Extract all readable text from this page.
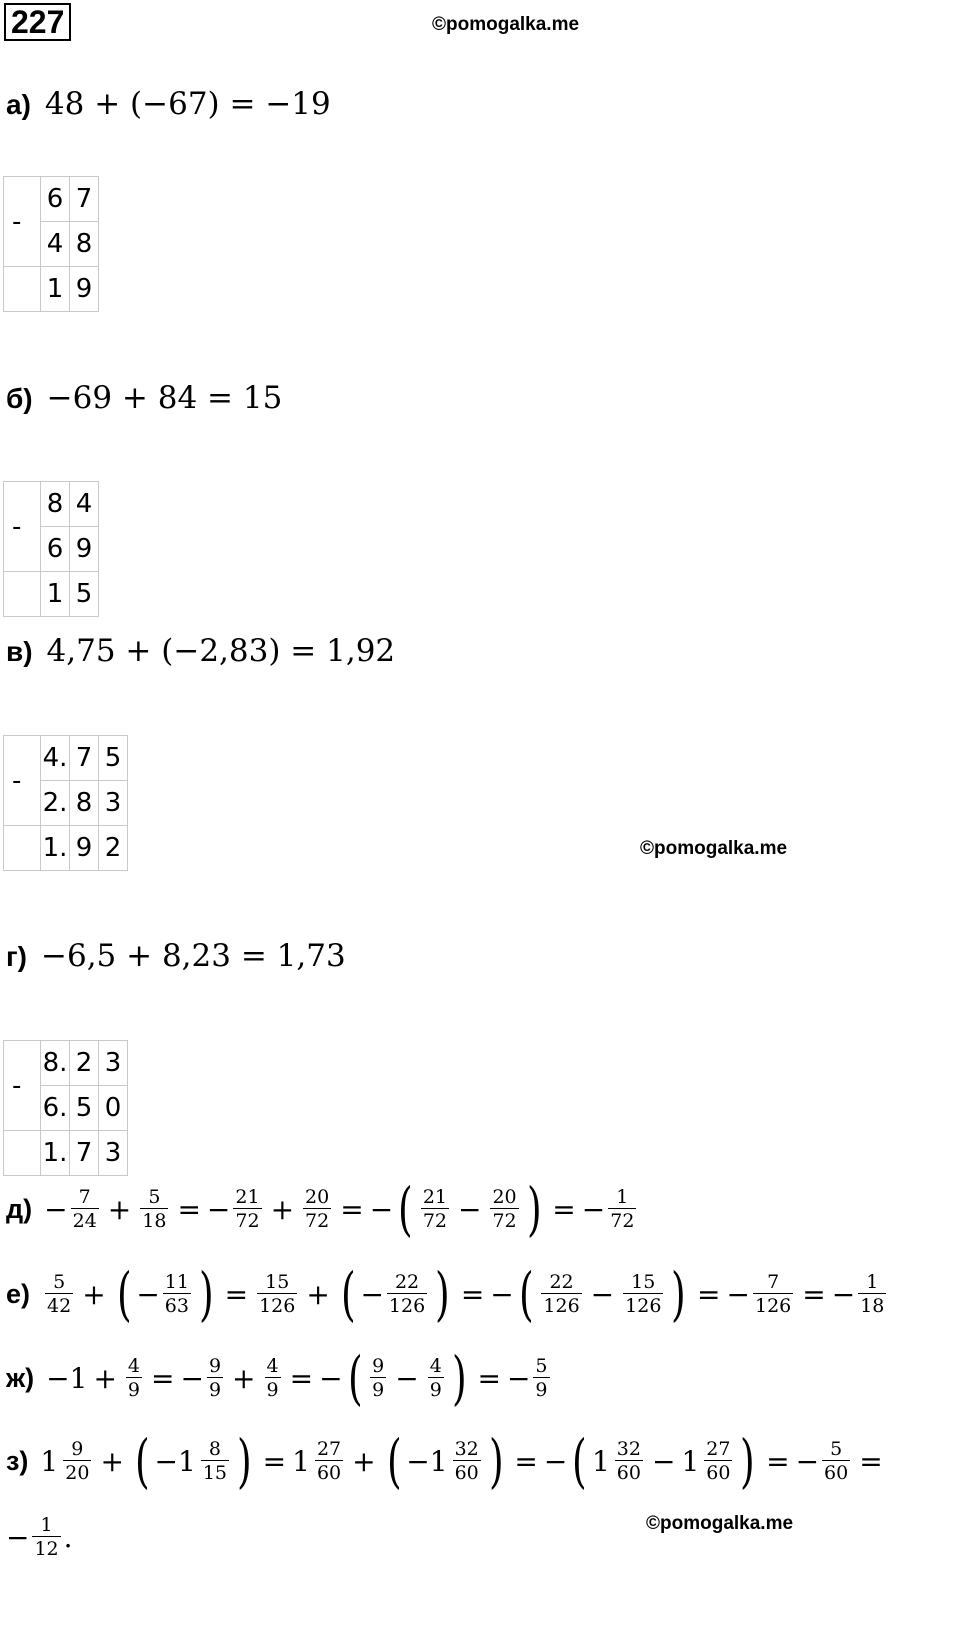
227	©pomogalka.me
а) 48 + (−67) = −19
-	6	7
	4	8
	1	9
б) −69 + 84 = 15
-	8	4
	6	9
	1	5
в) 4,75 + (−2,83) = 1,92
-	4.	7	5
	2.	8	3
	1.	9	2	©pomogalka.me
г) −6,5 + 8,23 = 1,73
-	8.	2	3
	6.	5	0
	1.	7	3
$д) - \frac{7}{24} + \frac{5}{18}$ = − $\frac{21}{72} + \frac{20}{72}$ = − ( $\frac{21}{72} - \frac{20}{72}$ ) = − $\frac{1}{72}$
$е) \frac{5}{42}$ + ( − $\frac{11}{63}$ ) = $\frac{15}{126}$ + ( − $\frac{22}{126}$ ) = − ( $\frac{22}{126} - \frac{15}{126}$ ) = − $\frac{7}{126}$ = − $\frac{1}{18}$
$ж) - 1 + \frac{4}{9}$ = − $\frac{9}{9} + \frac{4}{9}$ = − ( $\frac{9}{9} - \frac{4}{9}$ ) = − $\frac{5}{9}$
з) $1 \frac{9}{20}$ + ( − $1 \frac{8}{15}$ ) = $1 \frac{27}{60}$ + ( − $1 \frac{32}{60}$ ) = − ( $1 \frac{32}{60} - 1 \frac{27}{60}$ ) = − $\frac{5}{60}$ =
− $\frac{1}{12}$ .	©pomogalka.me
